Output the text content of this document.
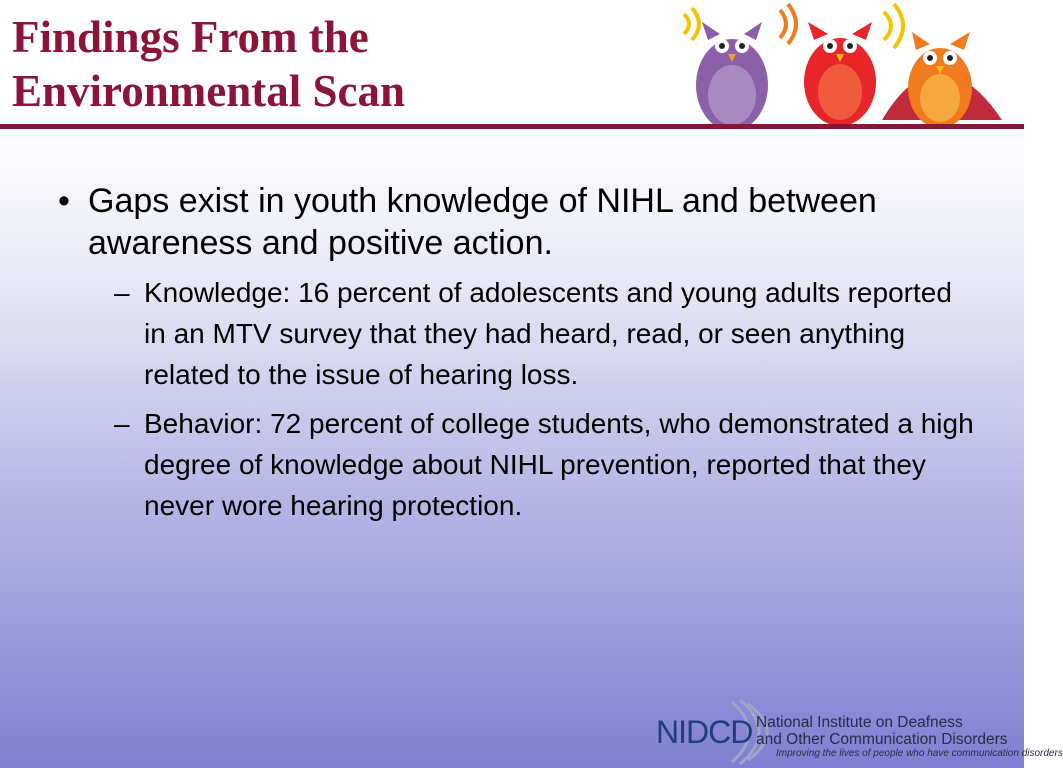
Findings From the
Environmental Scan
• Gaps exist in youth knowledge of NIHL and between awareness and positive action.
– Knowledge: 16 percent of adolescents and young adults reported in an MTV survey that they had heard, read, or seen anything related to the issue of hearing loss.
– Behavior: 72 percent of college students, who demonstrated a high degree of knowledge about NIHL prevention, reported that they never wore hearing protection.
NIDCD National Institute on Deafness
and Other Communication Disorders
Improving the lives of people who have communication disorders
